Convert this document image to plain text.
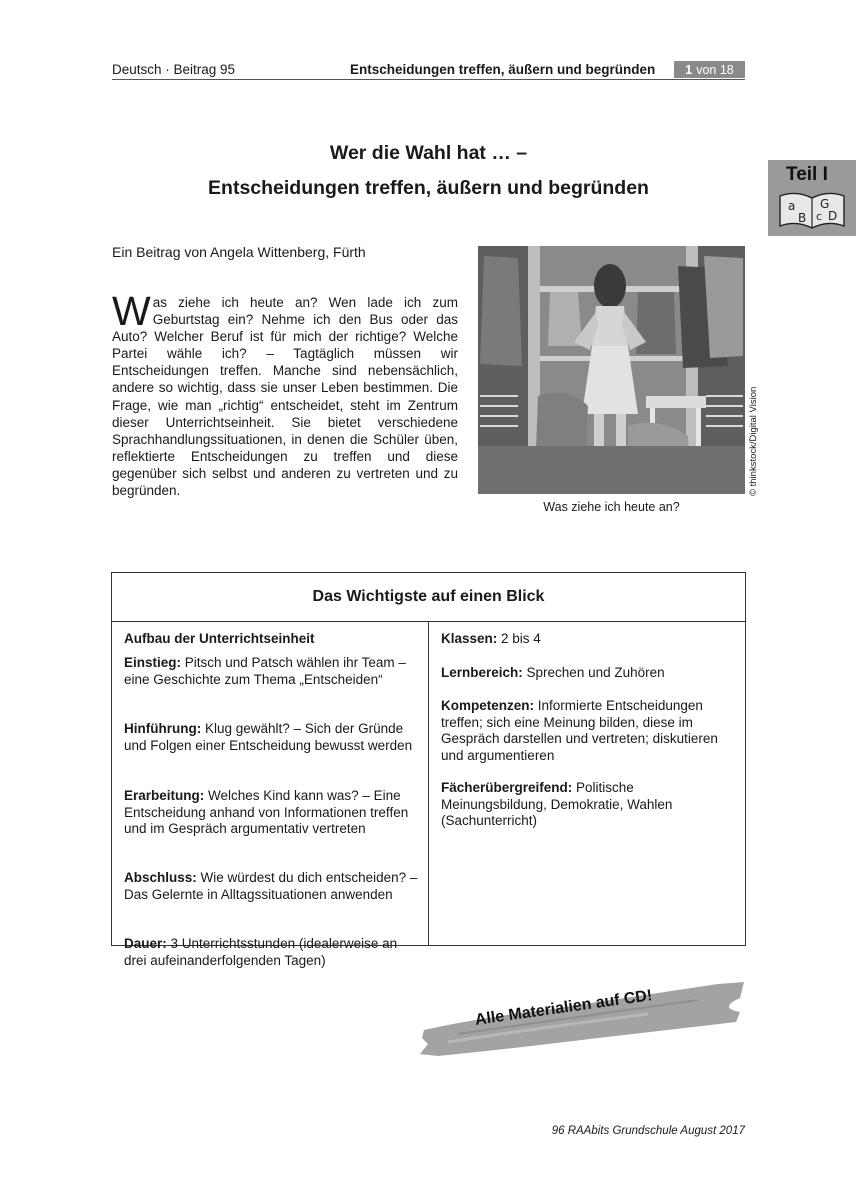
Deutsch · Beitrag 95	Entscheidungen treffen, äußern und begründen 1 von 18
Teil I
a
B
G
c D
Wer die Wahl hat … –
Entscheidungen treffen, äußern und begründen
Ein Beitrag von Angela Wittenberg, Fürth
Was ziehe ich heute an? Wen lade ich zum Geburtstag ein? Nehme ich den Bus oder das Auto? Welcher Beruf ist für mich der richtige? Welche Partei wähle ich? – Tagtäglich müssen wir Entscheidungen treffen. Manche sind nebensächlich, andere so wichtig, dass sie unser Leben bestimmen. Die Frage, wie man „richtig“ entscheidet, steht im Zentrum dieser Unterrichtseinheit. Sie bietet verschiedene Sprachhandlungssituationen, in denen die Schüler üben, reflektierte Entscheidungen zu treffen und diese gegenüber sich selbst und anderen zu vertreten und zu begründen.	© thinkstock/Digital Vision
Was ziehe ich heute an?
Das Wichtigste auf einen Blick
Aufbau der Unterrichtseinheit
Einstieg: Pitsch und Patsch wählen ihr Team – eine Geschichte zum Thema „Entscheiden“
Hinführung: Klug gewählt? – Sich der Gründe und Folgen einer Entscheidung bewusst werden
Erarbeitung: Welches Kind kann was? – Eine Entscheidung anhand von Informationen treffen und im Gespräch argumentativ vertreten
Abschluss: Wie würdest du dich entscheiden? – Das Gelernte in Alltagssituationen anwenden
Dauer: 3 Unterrichtsstunden (idealerweise an drei aufeinanderfolgenden Tagen)
Klassen: 2 bis 4
Lernbereich: Sprechen und Zuhören
Kompetenzen: Informierte Entscheidungen treffen; sich eine Meinung bilden, diese im Gespräch darstellen und vertreten; diskutieren und argumentieren
Fächerübergreifend: Politische Meinungsbildung, Demokratie, Wahlen (Sachunterricht)
Alle Materialien auf CD!
96 RAAbits Grundschule August 2017
